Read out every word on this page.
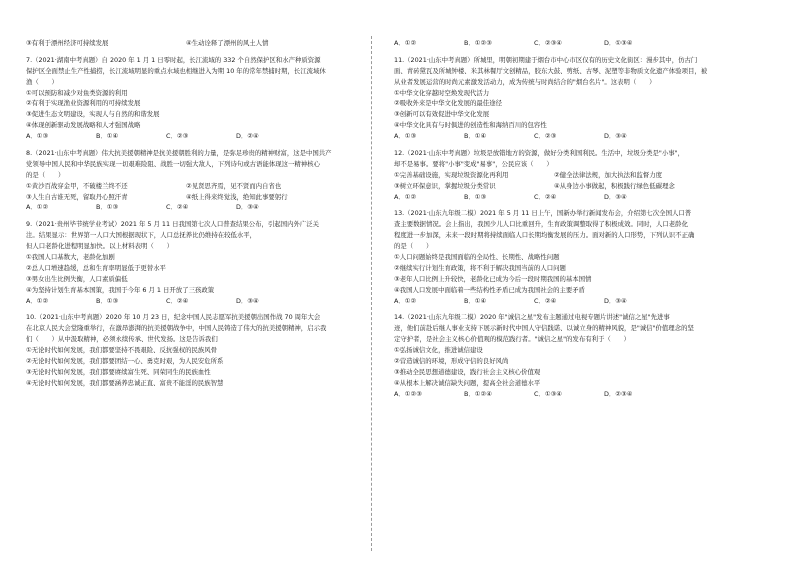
③有利于漂州经济可持续发展	④生动诠释了漂州的风土人情
7.（2021·湖南中考真题）自 2020 年 1 月 1 日零时起，长江流域的 332 个自然保护区和水产种质资源
保护区全面禁止生产性捕捞，长江流域明显的重点水域也相继进入为期 10 年的常年禁捕时期，长江流域休
渔（　　）
①可以预防和减少对鱼类资源的利用
②有利于实现渔业资源利用的可持续发展
③促进生态文明建设，实现人与自然的和谐发展
④体现创新驱动发展战略和人才强国战略
A．①③	B．①④	C．②③	D．②④
8.（2021·山东中考真题）伟大抗美援朝精神是抗美援朝胜利的力量，是弥足珍贵的精神财富，这是中国共产
党领导中国人民和中华民族实现一切艰难险阻、战胜一切强大敌人，下列诗句或古语能体现这一精神核心
的是（　　）
①黄沙百战穿金甲，不破楼兰终不还	②见贤思齐焉，见不贤而内自省也
③人生自古谁无死，留取丹心照汗青	④纸上得来终觉浅，绝知此事要躬行
A．①②	B．①③	C．②④	D．③④
9.（2021·贵州毕节统学业考试）2021 年 5 月 11 日我国第七次人口普查结果公布，引起国内外广泛关
注。结果显示：世界第一人口大国根据现状下，人口总抚养比仍维持在较低水平，
但人口老龄化进程明显加快。以上材料表明（　　）
①我国人口基数大，老龄化加剧
②总人口增速趋缓，总和生育率明显低于更替水平
③男女出生比例失衡，人口素质偏低
④为坚持计划生育基本国策，我国于今年 6 月 1 日开放了三孩政策
A．①②	B．①③	C．②④	D．③④
10.（2021·山东中考真题）2020 年 10 月 23 日，纪念中国人民志愿军抗美援朝出国作战 70 周年大会
在北京人民大会堂隆重举行，在激昂澎湃的抗美援朝战争中，中国人民铸造了伟大的抗美援朝精神，启示我
们（　　）从中汲取精神，必须永续传承、世代发扬。这是告诉我们
①无论时代如何发展，我们都要坚持不畏艰险、反抗强权的民族风骨
②无论时代如何发展，我们都要团结一心、勇克时艰，为人民安危所系
③无论时代如何发展，我们都要赓续富生死、同荣同生的民族血性
④无论时代如何发展，我们都要涵养忠诚正直、富贵不能淫的民族智慧
A．①②	B．①②③	C．②③④	D．①③④
11.（2021·山东中考真题）所城里，明朝初期建于烟台市中心市区仅有的历史文化街区：漫步其中，仿古门
面、青砖黛瓦及所城钟楼、米其林餐厅文创精品，胶东大鼓、剪纸、古琴、泥塑等非物质文化遗产体验项目，被
从业者发展运营的时尚元素激发活动力，成为传统与时尚结合的"烟台名片"。这表明（　　）
①中华文化穿越时空焕发现代活力
②吸收外来是中华文化发展的最佳途径
③创新可以有效促进中华文化发展
④中华文化具有与时俱进的创造性和海纳百川的包容性
A．①③	B．①④	C．②③	D．③④
12.（2021·山东中考真题）垃圾是放错地方的资源，做好分类利国利民。生活中，垃圾分类是"小事"，
却不是易事。要将"小事"变成"易事"，公民应该（　　）
①完善基础设施，实现垃圾资源化再利用	②健全法律法规，加大执法和监督力度
③树立环保意识，掌握垃圾分类常识	④从身边小事做起，积极践行绿色低碳理念
A．①②	B．①③	C．②④	D．③④
13.（2021·山东九年级二模）2021 年 5 月 11 日上午，国新办举行新闻发布会，介绍第七次全国人口普
查主要数据情况。会上指出，我国少儿人口比重回升，生育政策调整取得了积极成效。同时，人口老龄化
程度进一步加深，未来一段时期将持续面临人口长期均衡发展的压力。面对新的人口形势，下列认识不正确
的是（　　）
①人口问题始终是我国面临的全局性、长期性、战略性问题
②继续实行计划生育政策，将不利于解决我国当前的人口问题
③老年人口比例上升较快，老龄化已成为今后一段时期我国的基本国情
④我国人口发展中面临着一些结构性矛盾已成为我国社会的主要矛盾
A．①②	B．①④	C．②④	D．③④
14.（2021·山东九年级二模）2020 年"诚信之星"发布主题通过电视专题片讲述"诚信之星"先进事
迹，他们前赴后继人事业支持下展示新时代中国人守信践诺、以诚立身的精神风貌，是"诚信"价值理念的坚
定守护者，是社会主义核心价值观的模范践行者。"诚信之星"的发布有利于（　　）
①弘扬诚信文化，推进诚信建设
②营造诚信的环境，形成守信的良好风尚
③推动全民思想道德建设，践行社会主义核心价值观
④从根本上解决诚信缺失问题，提高全社会道德水平
A．①②③	B．①②④	C．①③④	D．②③④
